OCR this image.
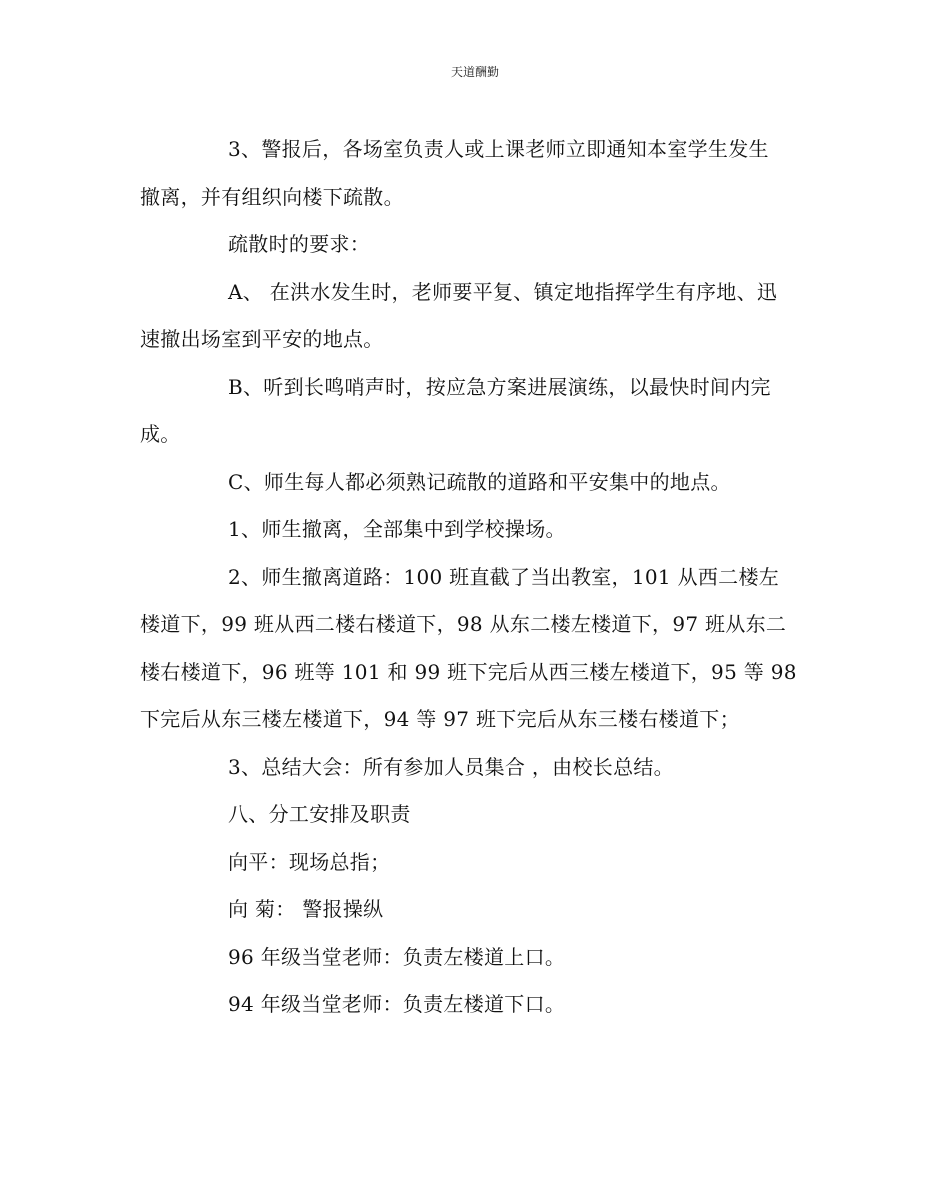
天道酬勤

3、警报后，各场室负责人或上课老师立即通知本室学生发生

撤离，并有组织向楼下疏散。

疏散时的要求：

A、 在洪水发生时，老师要平复、镇定地指挥学生有序地、迅

速撤出场室到平安的地点。

B、听到长鸣哨声时，按应急方案进展演练，以最快时间内完

成。

C、师生每人都必须熟记疏散的道路和平安集中的地点。

1、师生撤离，全部集中到学校操场。

2、师生撤离道路：100 班直截了当出教室，101 从西二楼左

楼道下，99 班从西二楼右楼道下，98 从东二楼左楼道下，97 班从东二

楼右楼道下，96 班等 101 和 99 班下完后从西三楼左楼道下，95 等 98

下完后从东三楼左楼道下，94 等 97 班下完后从东三楼右楼道下；

3、总结大会：所有参加人员集合 ，由校长总结。

八、分工安排及职责

向平：现场总指；

向 菊： 警报操纵

96 年级当堂老师：负责左楼道上口。

94 年级当堂老师：负责左楼道下口。
